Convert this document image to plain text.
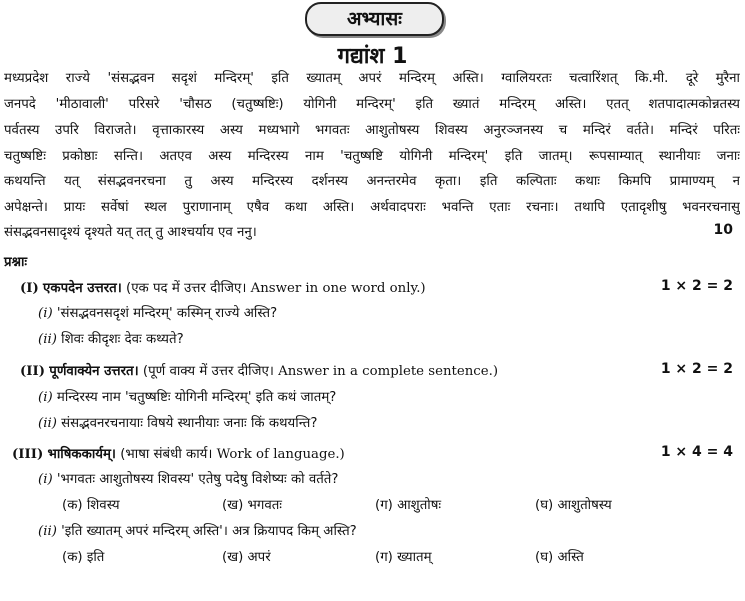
अभ्यासः
गद्यांश 1
मध्यप्रदेश राज्ये 'संसद्भवन सदृशं मन्दिरम्' इति ख्यातम् अपरं मन्दिरम् अस्ति। ग्वालियरतः चत्वारिंशत् कि.मी. दूरे मुरैना
जनपदे 'मीठावाली' परिसरे 'चौसठ (चतुष्षष्टिः) योगिनी मन्दिरम्' इति ख्यातं मन्दिरम् अस्ति। एतत् शतपादात्मकोन्नतस्य
पर्वतस्य उपरि विराजते। वृत्ताकारस्य अस्य मध्यभागे भगवतः आशुतोषस्य शिवस्य अनुरञ्जनस्य च मन्दिरं वर्तते। मन्दिरं परितः
चतुष्षष्टिः प्रकोष्ठाः सन्ति। अतएव अस्य मन्दिरस्य नाम 'चतुष्षष्टि योगिनी मन्दिरम्' इति जातम्। रूपसाम्यात् स्थानीयाः जनाः
कथयन्ति यत् संसद्भवनरचना तु अस्य मन्दिरस्य दर्शनस्य अनन्तरमेव कृता। इति कल्पिताः कथाः किमपि प्रामाण्यम् न
अपेक्षन्ते। प्रायः सर्वेषां स्थल पुराणानाम् एषैव कथा अस्ति। अर्थवादपराः भवन्ति एताः रचनाः। तथापि एतादृशीषु भवनरचनासु
संसद्भवनसादृश्यं दृश्यते यत् तत् तु आश्चर्याय एव ननु।	10
प्रश्नाः
(I) एकपदेन उत्तरत। (एक पद में उत्तर दीजिए। Answer in one word only.)	1 × 2 = 2
(i) 'संसद्भवनसदृशं मन्दिरम्' कस्मिन् राज्ये अस्ति?
(ii) शिवः कीदृशः देवः कथ्यते?
(II) पूर्णवाक्येन उत्तरत। (पूर्ण वाक्य में उत्तर दीजिए। Answer in a complete sentence.)	1 × 2 = 2
(i) मन्दिरस्य नाम 'चतुष्षष्टिः योगिनी मन्दिरम्' इति कथं जातम्?
(ii) संसद्भवनरचनायाः विषये स्थानीयाः जनाः किं कथयन्ति?
(III) भाषिककार्यम्। (भाषा संबंधी कार्य। Work of language.)	1 × 4 = 4
(i) 'भगवतः आशुतोषस्य शिवस्य' एतेषु पदेषु विशेष्यः को वर्तते?
(क) शिवस्य	(ख) भगवतः	(ग) आशुतोषः	(घ) आशुतोषस्य
(ii) 'इति ख्यातम् अपरं मन्दिरम् अस्ति'। अत्र क्रियापद किम् अस्ति?
(क) इति	(ख) अपरं	(ग) ख्यातम्	(घ) अस्ति
